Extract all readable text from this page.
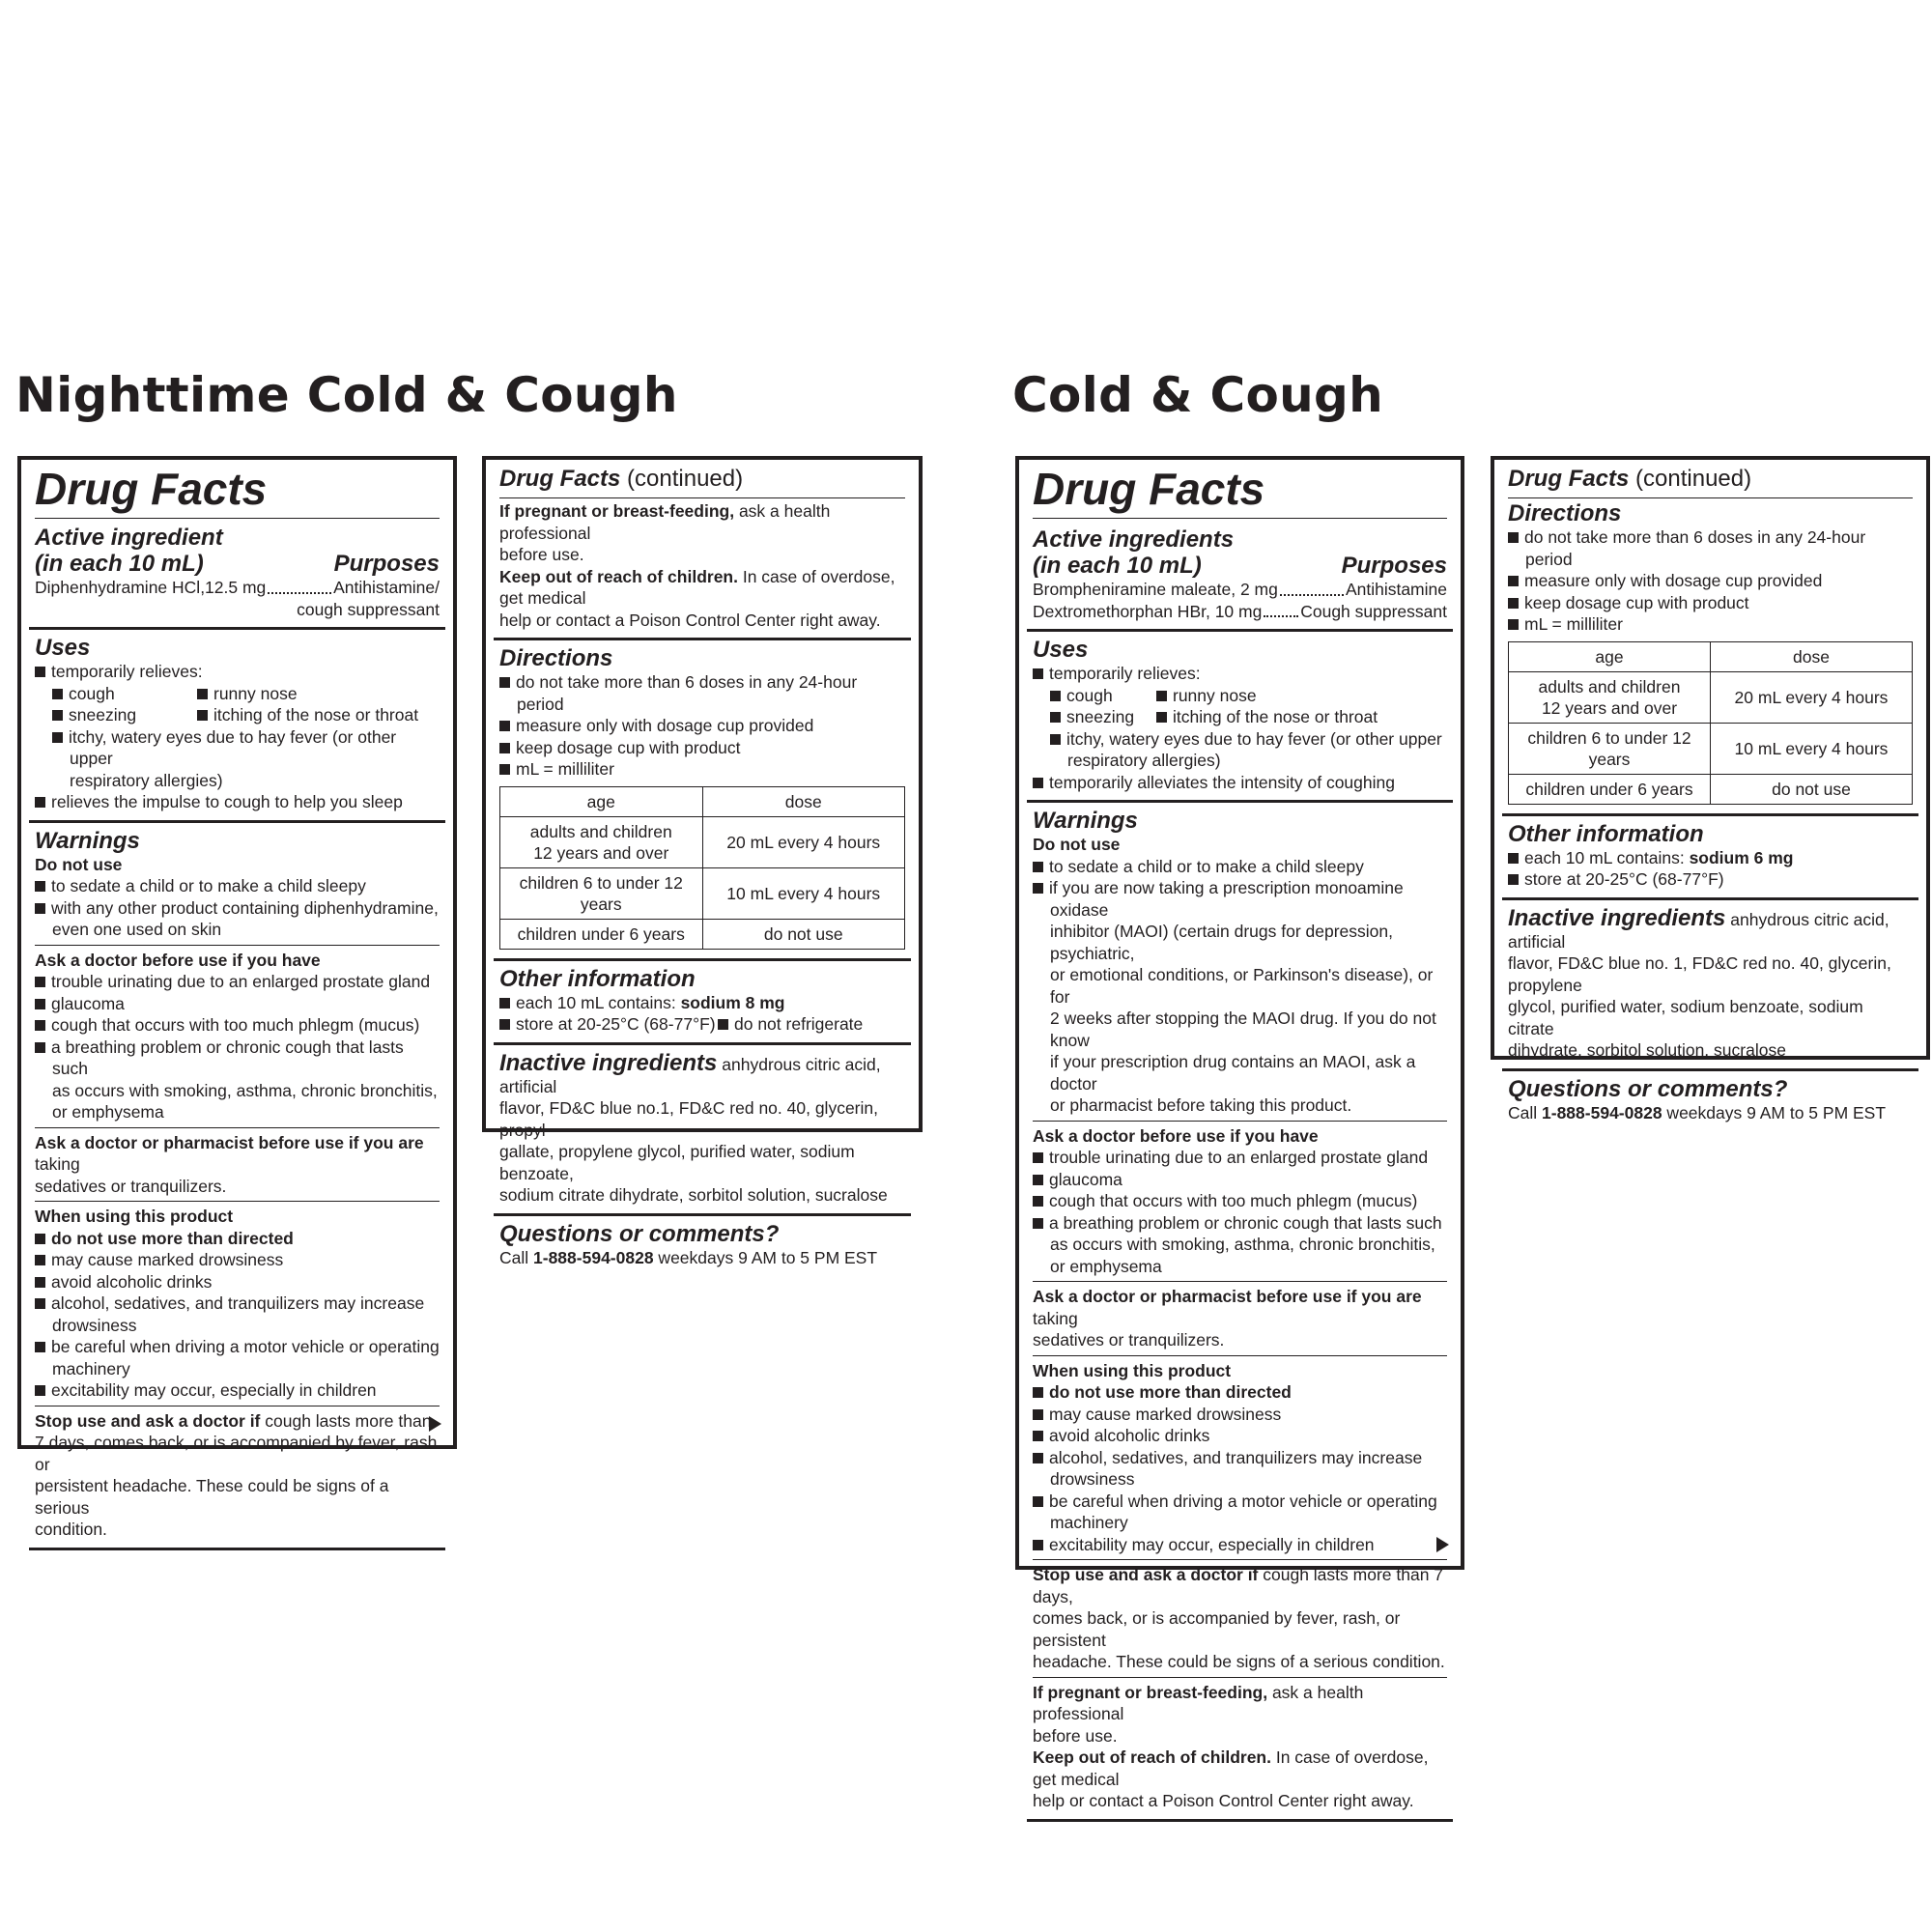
Nighttime Cold & Cough
Drug Facts
Active ingredient
(in each 10 mL)	Purposes
Diphenhydramine HCl,12.5 mg	Antihistamine/
cough suppressant
Uses
temporarily relieves:
cough	runny nose
sneezing	itching of the nose or throat
itchy, watery eyes due to hay fever (or other upper
respiratory allergies)
relieves the impulse to cough to help you sleep
Warnings
Do not use
to sedate a child or to make a child sleepy
with any other product containing diphenhydramine,
even one used on skin
Ask a doctor before use if you have
trouble urinating due to an enlarged prostate gland
glaucoma
cough that occurs with too much phlegm (mucus)
a breathing problem or chronic cough that lasts such
as occurs with smoking, asthma, chronic bronchitis,
or emphysema
Ask a doctor or pharmacist before use if you are taking
sedatives or tranquilizers.
When using this product
do not use more than directed
may cause marked drowsiness
avoid alcoholic drinks
alcohol, sedatives, and tranquilizers may increase
drowsiness
be careful when driving a motor vehicle or operating
machinery
excitability may occur, especially in children
Stop use and ask a doctor if cough lasts more than
7 days, comes back, or is accompanied by fever, rash or
persistent headache. These could be signs of a serious
condition.
Drug Facts (continued)
If pregnant or breast-feeding, ask a health professional
before use.
Keep out of reach of children. In case of overdose, get medical
help or contact a Poison Control Center right away.
Directions
do not take more than 6 doses in any 24-hour period
measure only with dosage cup provided
keep dosage cup with product
mL = milliliter
age	dose
adults and children
12 years and over	20 mL every 4 hours
children 6 to under 12 years	10 mL every 4 hours
children under 6 years	do not use
Other information
each 10 mL contains: sodium 8 mg
store at 20-25°C (68-77°F)	do not refrigerate
Inactive ingredients anhydrous citric acid, artificial
flavor, FD&C blue no.1, FD&C red no. 40, glycerin, propyl
gallate, propylene glycol, purified water, sodium benzoate,
sodium citrate dihydrate, sorbitol solution, sucralose
Questions or comments?
Call 1-888-594-0828 weekdays 9 AM to 5 PM EST
Cold & Cough
Drug Facts
Active ingredients
(in each 10 mL)	Purposes
Brompheniramine maleate, 2 mg	Antihistamine
Dextromethorphan HBr, 10 mg Cough suppressant
Uses
temporarily relieves:
cough	runny nose
sneezing	itching of the nose or throat
itchy, watery eyes due to hay fever (or other upper
respiratory allergies)
temporarily alleviates the intensity of coughing
Warnings
Do not use
to sedate a child or to make a child sleepy
if you are now taking a prescription monoamine oxidase
inhibitor (MAOI) (certain drugs for depression, psychiatric,
or emotional conditions, or Parkinson's disease), or for
2 weeks after stopping the MAOI drug. If you do not know
if your prescription drug contains an MAOI, ask a doctor
or pharmacist before taking this product.
Ask a doctor before use if you have
trouble urinating due to an enlarged prostate gland
glaucoma
cough that occurs with too much phlegm (mucus)
a breathing problem or chronic cough that lasts such
as occurs with smoking, asthma, chronic bronchitis,
or emphysema
Ask a doctor or pharmacist before use if you are taking
sedatives or tranquilizers.
When using this product
do not use more than directed
may cause marked drowsiness
avoid alcoholic drinks
alcohol, sedatives, and tranquilizers may increase drowsiness
be careful when driving a motor vehicle or operating machinery
excitability may occur, especially in children
Stop use and ask a doctor if cough lasts more than 7 days,
comes back, or is accompanied by fever, rash, or persistent
headache. These could be signs of a serious condition.
If pregnant or breast-feeding, ask a health professional
before use.
Keep out of reach of children. In case of overdose, get medical
help or contact a Poison Control Center right away.
Drug Facts (continued)
Directions
do not take more than 6 doses in any 24-hour period
measure only with dosage cup provided
keep dosage cup with product
mL = milliliter
age	dose
adults and children
12 years and over	20 mL every 4 hours
children 6 to under 12 years	10 mL every 4 hours
children under 6 years	do not use
Other information
each 10 mL contains: sodium 6 mg
store at 20-25°C (68-77°F)
Inactive ingredients anhydrous citric acid, artificial
flavor, FD&C blue no. 1, FD&C red no. 40, glycerin, propylene
glycol, purified water, sodium benzoate, sodium citrate
dihydrate, sorbitol solution, sucralose
Questions or comments?
Call 1-888-594-0828 weekdays 9 AM to 5 PM EST
